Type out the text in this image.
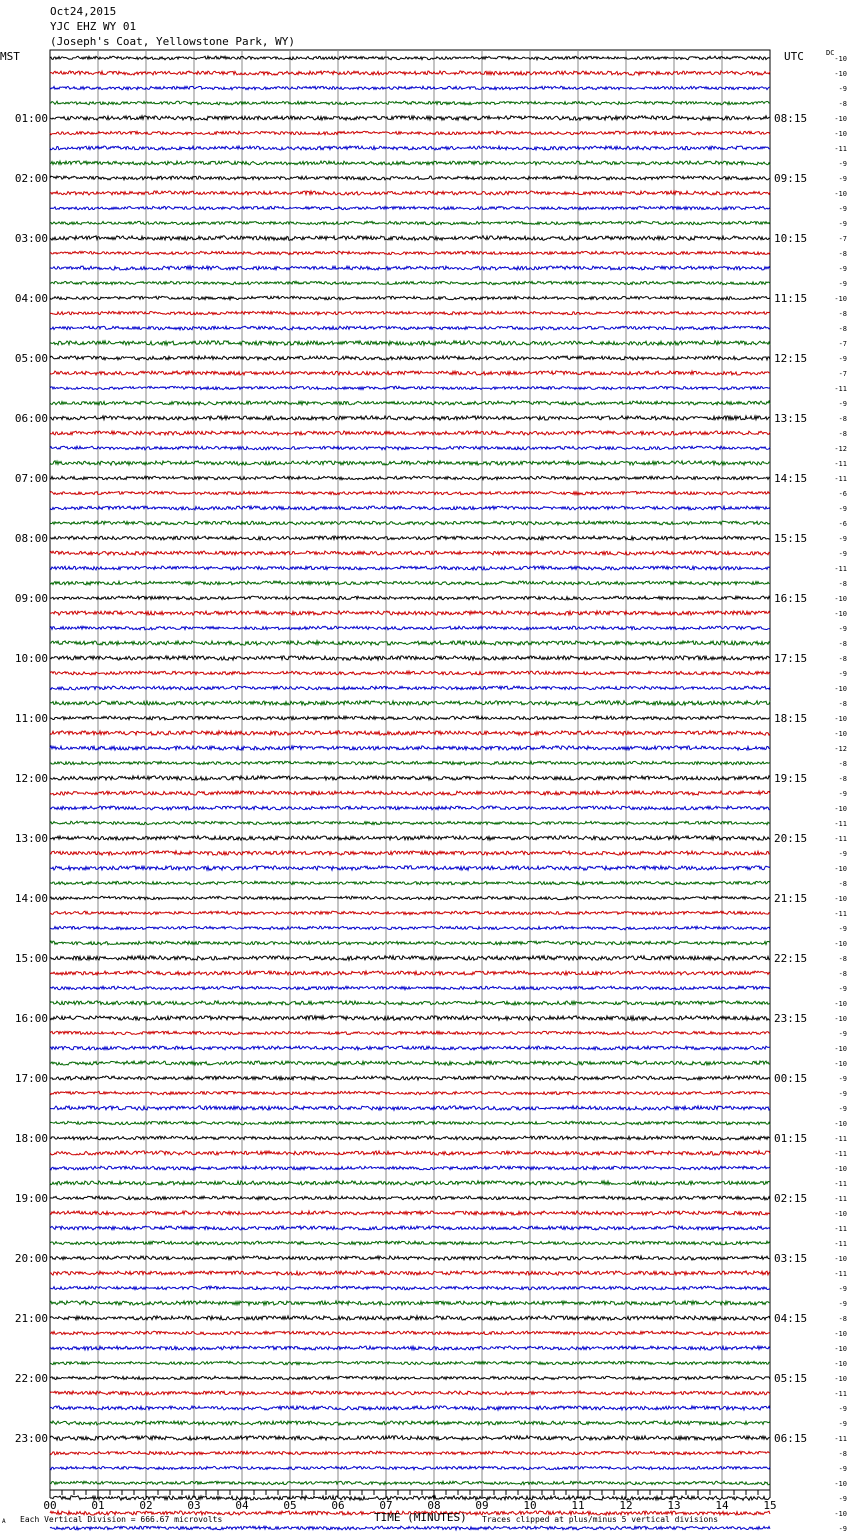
-10
-10
-9
-8
-10
-10
-11
-9
-9
-10
-9
-9
-7
-8
-9
-9
-10
-8
-8
-7
-9
-7
-11
-9
-8
-8
-12
-11
-11
-6
-9
-6
-9
-9
-11
-8
-10
-10
-9
-8
-8
-9
-10
-8
-10
-10
-12
-8
-8
-9
-10
-11
-11
-9
-10
-8
-10
-11
-9
-10
-8
-8
-9
-10
-10
-9
-10
-10
-9
-9
-9
-10
-11
-11
-10
-11
-11
-10
-11
-11
-10
-11
-9
-9
-8
-10
-10
-10
-10
-11
-9
-9
-11
-8
-9
-10
-9
-10
-9
01:00	08:15
02:00	09:15
03:00	10:15
04:00	11:15
05:00	12:15
06:00	13:15
07:00	14:15
08:00	15:15
09:00	16:15
10:00	17:15
11:00	18:15
12:00	19:15
13:00	20:15
14:00	21:15
15:00	22:15
16:00	23:15
17:00	00:15
18:00	01:15
19:00	02:15
20:00	03:15
21:00	04:15
22:00	05:15
23:00	06:15
00	01	02	03	04	05	06	07	08	09	10	11	12	13	14	15
Oct24,2015
YJC EHZ WY 01
(Joseph's Coat, Yellowstone Park, WY)
MST	UTC	DC
TIME (MINUTES)
A Each Vertical Division = 666.67 microvolts	Traces clipped at plus/minus 5 vertical divisions
